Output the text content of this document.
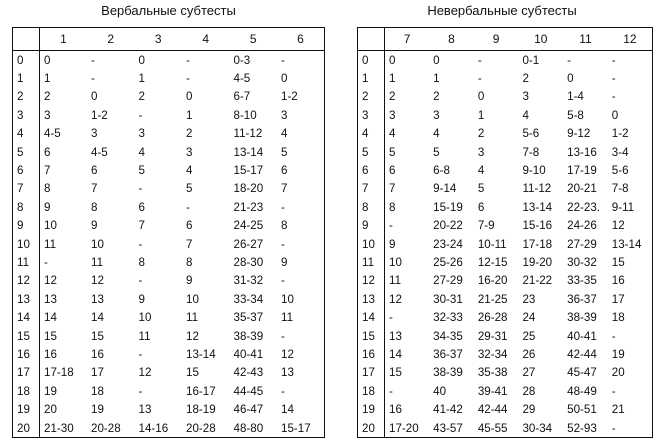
Вербальные субтесты
	1	2	3	4	5	6
0	0	-	0	-	0-3	-
1	1	-	1	-	4-5	0
2	2	0	2	0	6-7	1-2
3	3	1-2	-	1	8-10	3
4	4-5	3	3	2	11-12	4
5	6	4-5	4	3	13-14	5
6	7	6	5	4	15-17	6
7	8	7	-	5	18-20	7
8	9	8	6	-	21-23	-
9	10	9	7	6	24-25	8
10	11	10	-	7	26-27	-
11	-	11	8	8	28-30	9
12	12	12	-	9	31-32	-
13	13	13	9	10	33-34	10
14	14	14	10	11	35-37	11
15	15	15	11	12	38-39	-
16	16	16	-	13-14	40-41	12
17	17-18	17	12	15	42-43	13
18	19	18	-	16-17	44-45	-
19	20	19	13	18-19	46-47	14
20	21-30	20-28	14-16	20-28	48-80	15-17
Невербальные субтесты
	7	8	9	10	11	12
0	0	0	-	0-1	-	-
1	1	1	-	2	0	-
2	2	2	0	3	1-4	-
3	3	3	1	4	5-8	0
4	4	4	2	5-6	9-12	1-2
5	5	5	3	7-8	13-16	3-4
6	6	6-8	4	9-10	17-19	5-6
7	7	9-14	5	11-12	20-21	7-8
8	8	15-19	6	13-14	22-23.	9-11
9	-	20-22	7-9	15-16	24-26	12
10	9	23-24	10-11	17-18	27-29	13-14
11	10	25-26	12-15	19-20	30-32	15
12	11	27-29	16-20	21-22	33-35	16
13	12	30-31	21-25	23	36-37	17
14	-	32-33	26-28	24	38-39	18
15	13	34-35	29-31	25	40-41	-
16	14	36-37	32-34	26	42-44	19
17	15	38-39	35-38	27	45-47	20
18	-	40	39-41	28	48-49	-
19	16	41-42	42-44	29	50-51	21
20	17-20	43-57	45-55	30-34	52-93	-
